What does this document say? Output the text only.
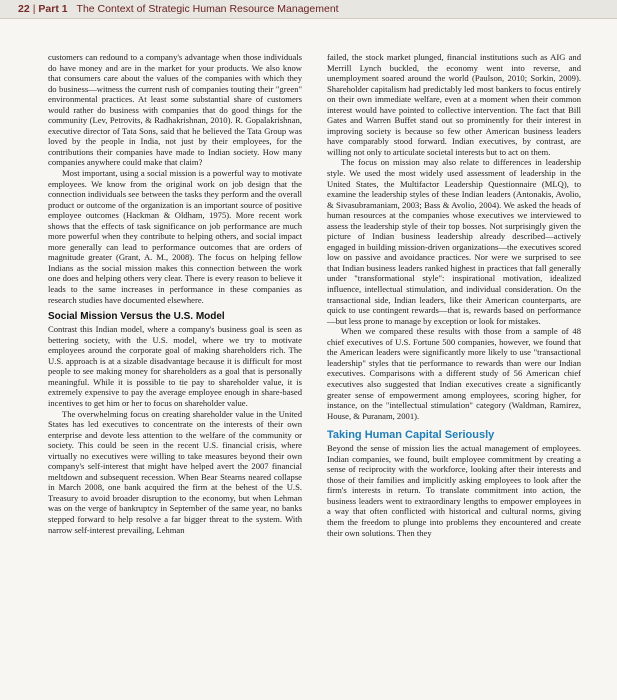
22 | Part 1 The Context of Strategic Human Resource Management

customers can redound to a company's advantage when those individuals do have money and are in the market for your products. We also know that consumers care about the values of the companies with which they do business—witness the current rush of companies touting their "green" environmental practices. At least some substantial share of customers would rather do business with companies that do good things for the community (Lev, Petrovits, & Radhakrishnan, 2010). R. Gopalakrishnan, executive director of Tata Sons, said that he believed the Tata Group was loved by the people in India, not just by their employees, for the contributions their companies have made to Indian society. How many companies anywhere could make that claim?

Most important, using a social mission is a powerful way to motivate employees. We know from the original work on job design that the connection individuals see between the tasks they perform and the overall product or outcome of the organization is an important source of positive employee outcomes (Hackman & Oldham, 1975). More recent work shows that the effects of task significance on job performance are much more powerful when they contribute to helping others, and social impact more generally can lead to performance outcomes that are orders of magnitude greater (Grant, A. M., 2008). The focus on helping fellow Indians as the social mission makes this connection between the work one does and helping others very clear. There is every reason to believe it leads to the same increases in performance in these companies as research studies have documented elsewhere.

Social Mission Versus the U.S. Model

Contrast this Indian model, where a company's business goal is seen as bettering society, with the U.S. model, where we try to motivate employees around the corporate goal of making shareholders rich. The U.S. approach is at a sizable disadvantage because it is difficult for most people to see making money for shareholders as a goal that is personally meaningful. While it is possible to tie pay to shareholder value, it is extremely expensive to pay the average employee enough in share-based incentives to get him or her to focus on shareholder value.

The overwhelming focus on creating shareholder value in the United States has led executives to concentrate on the interests of their own enterprise and devote less attention to the welfare of the community or society. This could be seen in the recent U.S. financial crisis, where virtually no executives were willing to take measures beyond their own company's self-interest that might have helped avert the 2007 financial meltdown and subsequent recession. When Bear Stearns neared collapse in March 2008, one bank acquired the firm at the behest of the U.S. Treasury to avoid broader disruption to the economy, but when Lehman was on the verge of bankruptcy in September of the same year, no banks stepped forward to help resolve a far bigger threat to the system. With narrow self-interest prevailing, Lehman

failed, the stock market plunged, financial institutions such as AIG and Merrill Lynch buckled, the economy went into reverse, and unemployment soared around the world (Paulson, 2010; Sorkin, 2009). Shareholder capitalism had predictably led most bankers to focus entirely on their own immediate welfare, even at a moment when their common interest would have pointed to collective intervention. The fact that Bill Gates and Warren Buffet stand out so prominently for their interest in improving society is because so few other American business leaders have comparably stood forward. Indian executives, by contrast, are willing not only to articulate societal interests but to act on them.

The focus on mission may also relate to differences in leadership style. We used the most widely used assessment of leadership in the United States, the Multifactor Leadership Questionnaire (MLQ), to examine the leadership styles of these Indian leaders (Antonakis, Avolio, & Sivasubramaniam, 2003; Bass & Avolio, 2004). We asked the heads of human resources at the companies whose executives we interviewed to assess the leadership style of their top bosses. Not surprisingly given the picture of Indian business leadership already described—actively engaged in building mission-driven organizations—the executives scored low on passive and avoidance practices. Nor were we surprised to see that Indian business leaders ranked highest in practices that fall generally under "transformational style": inspirational motivation, idealized influence, intellectual stimulation, and individual consideration. On the transactional side, Indian leaders, like their American counterparts, are quick to use contingent rewards—that is, rewards based on performance—but less prone to manage by exception or look for mistakes.

When we compared these results with those from a sample of 48 chief executives of U.S. Fortune 500 companies, however, we found that the American leaders were significantly more likely to use "transactional leadership" styles that tie performance to rewards than were our Indian executives. Comparisons with a different study of 56 American chief executives also suggested that Indian executives create a significantly greater sense of empowerment among employees, scoring higher, for instance, on the "intellectual stimulation" category (Waldman, Ramirez, House, & Puranam, 2001).

Taking Human Capital Seriously

Beyond the sense of mission lies the actual management of employees. Indian companies, we found, built employee commitment by creating a sense of reciprocity with the workforce, looking after their interests and those of their families and implicitly asking employees to look after the firm's interests in return. To translate commitment into action, the business leaders went to extraordinary lengths to empower employees in a way that often conflicted with historical and cultural norms, giving them the freedom to plunge into problems they encountered and create their own solutions. Then they
